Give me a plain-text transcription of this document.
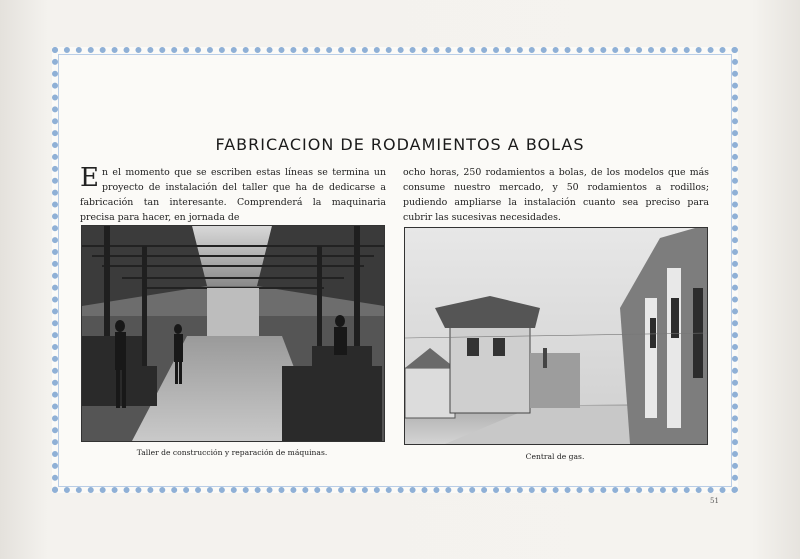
FABRICACION DE RODAMIENTOS A BOLAS

En el momento que se escriben estas líneas se termina un proyecto de instalación del taller que ha de dedicarse a fabricación tan interesante. Comprenderá la maquinaria precisa para hacer, en jornada de

ocho horas, 250 rodamientos a bolas, de los modelos que más consume nuestro mercado, y 50 rodamientos a rodillos; pudiendo ampliarse la instalación cuanto sea preciso para cubrir las sucesivas necesidades.

Taller de construcción y reparación de máquinas.	Central de gas.
51
